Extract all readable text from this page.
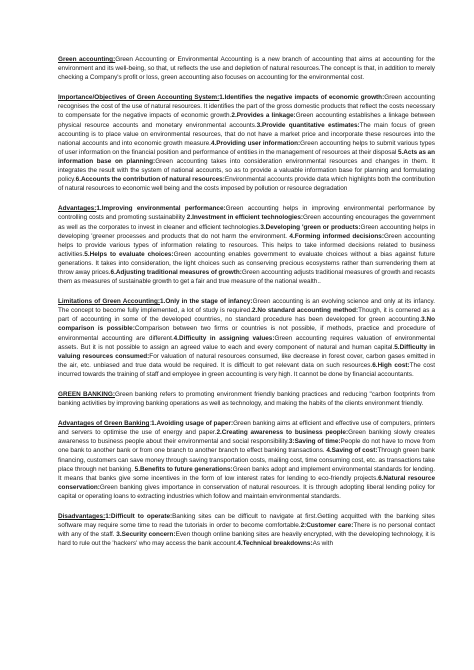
Green accounting:Green Accounting or Environmental Accounting is a new branch of accounting that aims at accounting for the environment and its well-being, so that, ut reflects the use and depletion of natural resources.The concept is that, in addition to merely checking a Company's profit or loss, green accounting also focuses on accounting for the environmental cost.

Importance/Objectives of Green Accounting System:1.Identifies the negative impacts of economic growth:Green accounting recognises the cost of the use of natural resources. It identifies the part of the gross domestic products that reflect the costs necessary to compensate for the negative impacts of economic growth.2.Provides a linkage:Green accounting establishes a linkage between physical resource accounts and monetary environmental accounts.3.Provide quantitative estimates:The main focus of green accounting is to place value on environmental resources, that do not have a market price and incorporate these resources into the national accounts and into economic growth measure.4.Providing user information:Green accounting helps to submit various types of user information on the financial position and performance of entities in the management of resources at their disposal 5.Acts as an information base on planning:Green accounting takes into consideration environmental resources and changes in them. It integrates the result with the system of national accounts, so as to provide a valuable information base for planning and formulating policy.6.Accounts the contribution of natural resources:Environmental accounts provide data which highlights both the contribution of natural resources to economic well being and the costs imposed by pollution or resource degradation

Advantages:1.Improving environmental performance:Green accounting helps in improving environmental performance by controlling costs and promoting sustainability 2.Investment in efficient technologies:Green accounting encourages the government as well as the corporates to invest in cleaner and efficient technologies.3.Developing 'green or products:Green accounting helps in developing 'greener processes and products that do not harm the environment. 4.Forming informed decisions:Green accounting helps to provide various types of information relating to resources. This helps to take informed decisions related to business activities.5.Helps to evaluate choices:Green accounting enables government to evaluate choices without a bias against future generations. It takes into consideration, the light choices such as conserving precious ecosystems rather than surrendering them at throw away prices.6.Adjusting traditional measures of growth:Green accounting adjusts traditional measures of growth and recasts them as measures of sustainable growth to get a fair and true measure of the national wealth..

Limitations of Green Accounting:1.Only in the stage of infancy:Green accounting is an evolving science and only at its infancy. The concept to become fully implemented, a lot of study is required.2.No standard accounting method:Though, it is cornered as a part of accounting in some of the developed countries, no standard procedure has been developed for green accounting.3.No comparison is possible:Comparison between two firms or countries is not possible, if methods, practice and procedure of environmental accounting are different.4.Difficulty in assigning values:Green accounting requires valuation of environmental assets. But it is not possible to assign an agreed value to each and every component of natural and human capital.5.Difficulty in valuing resources consumed:For valuation of natural resources consumed, like decrease in forest cover, carbon gases emitted in the air, etc. unbiased and true data would be required. It is difficult to get relevant data on such resources.6.High cost:The cost incurred towards the training of staff and employee in green accounting is very high. It cannot be done by financial accountants.

GREEN BANKING:Green banking refers to promoting environment friendly banking practices and reducing "carbon footprints from banking activities by improving banking operations as well as technology, and making the habits of the clients environment friendly.

Advantages of Green Banking:1.Avoiding usage of paper:Green banking aims at efficient and effective use of computers, printers and servers to optimise the use of energy and paper.2.Creating awareness to business people:Green banking slowly creates awareness to business people about their environmental and social responsibility.3:Saving of time:People do not have to move from one bank to another bank or from one branch to another branch to effect banking transactions. 4.Saving of cost:Through green bank financing, customers can save money through saving transportation costs, mailing cost, time consuming cost, etc. as transactions take place through net banking. 5.Benefits to future generations:Green banks adopt and implement environmental standards for lending. It means that banks give some incentives in the form of low interest rates for lending to eco-friendly projects.6.Natural resource conservation:Green banking gives importance in conservation of natural resources. It is through adopting liberal lending policy for capital or operating loans to extracting industries which follow and maintain environmental standards.

Disadvantages:1:Difficult to operate:Banking sites can be difficult to navigate at first.Getting acquitted with the banking sites software may require some time to read the tutorials in order to become comfortable.2:Customer care:There is no personal contact with any of the staff. 3.Security concern:Even though online banking sites are heavily encrypted, with the developing technology, it is hard to rule out the 'hackers' who may access the bank account.4.Technical breakdowns:As with
